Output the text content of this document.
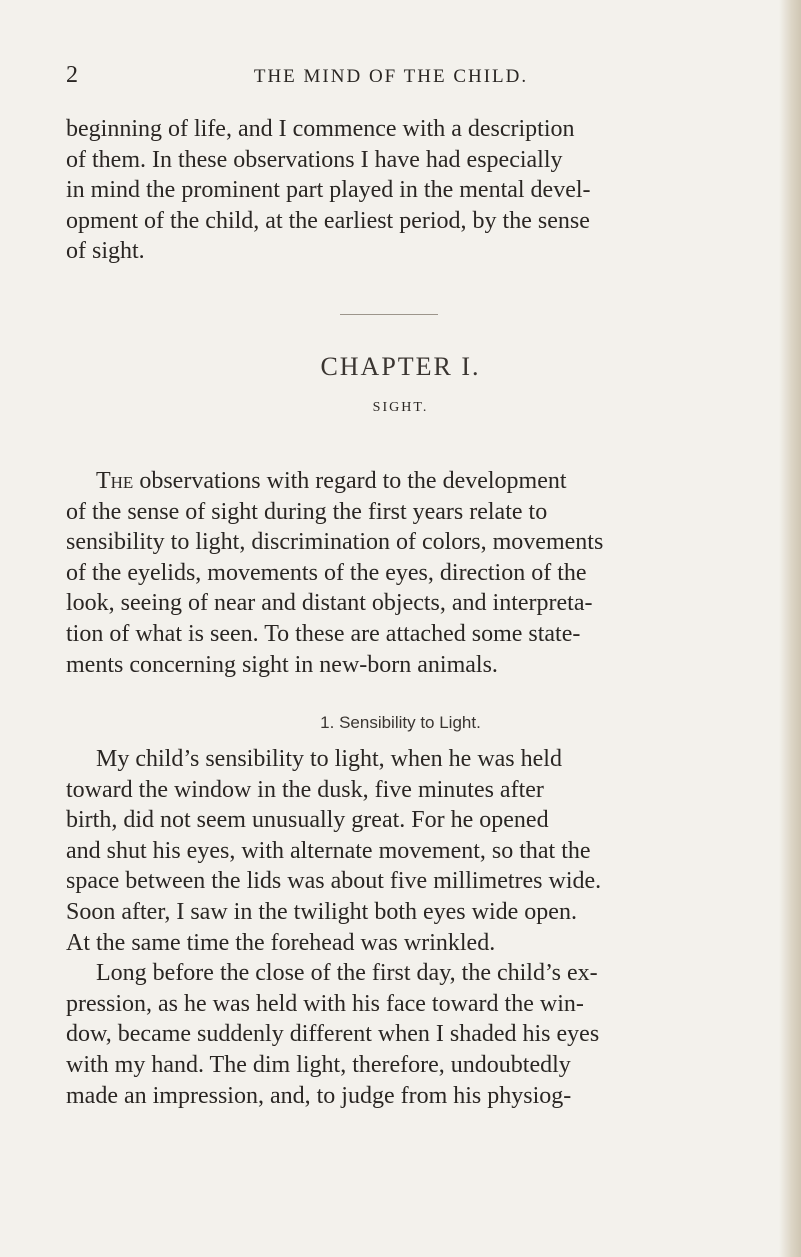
2	THE MIND OF THE CHILD.

beginning of life, and I commence with a description

of them. In these observations I have had especially

in mind the prominent part played in the mental devel-

opment of the child, at the earliest period, by the sense

of sight.

CHAPTER I.
SIGHT.

The observations with regard to the development

of the sense of sight during the first years relate to

sensibility to light, discrimination of colors, movements

of the eyelids, movements of the eyes, direction of the

look, seeing of near and distant objects, and interpreta-

tion of what is seen. To these are attached some state-

ments concerning sight in new-born animals.

1. Sensibility to Light.

My child’s sensibility to light, when he was held

toward the window in the dusk, five minutes after

birth, did not seem unusually great. For he opened

and shut his eyes, with alternate movement, so that the

space between the lids was about five millimetres wide.

Soon after, I saw in the twilight both eyes wide open.

At the same time the forehead was wrinkled.

Long before the close of the first day, the child’s ex-

pression, as he was held with his face toward the win-

dow, became suddenly different when I shaded his eyes

with my hand. The dim light, therefore, undoubtedly

made an impression, and, to judge from his physiog-
